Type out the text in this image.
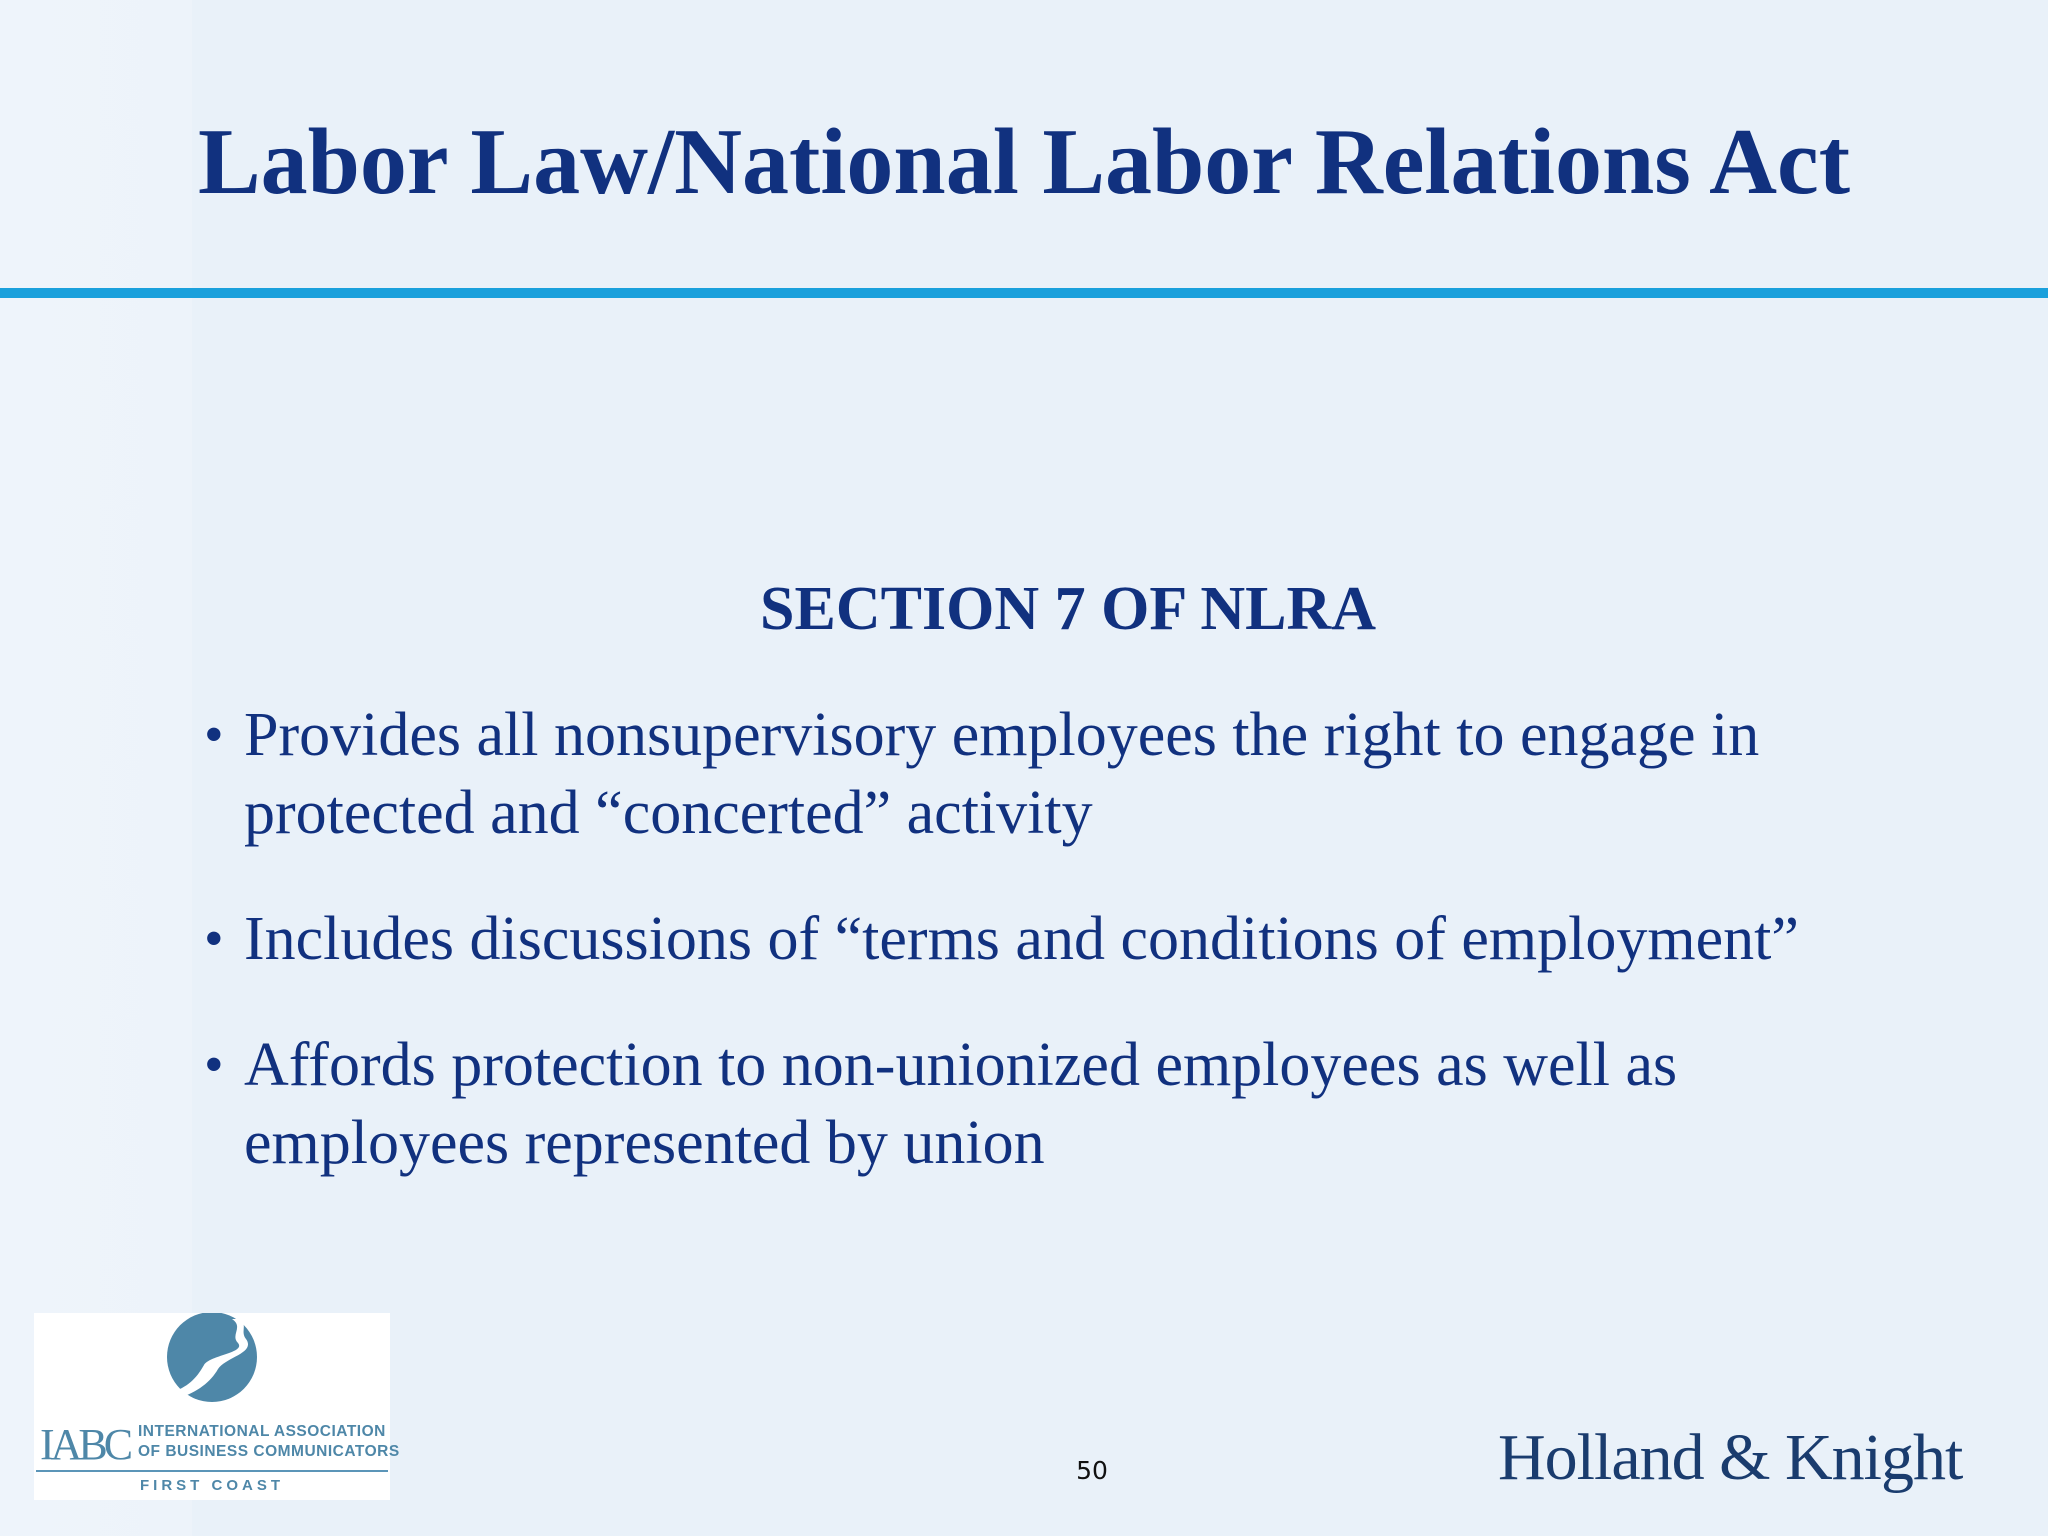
Labor Law/National Labor Relations Act
SECTION 7 OF NLRA
• Provides all nonsupervisory employees the right to engage in
protected and “concerted” activity
• Includes discussions of “terms and conditions of employment”
• Affords protection to non-unionized employees as well as
employees represented by union
IABC INTERNATIONAL ASSOCIATION
OF BUSINESS COMMUNICATORS
FIRST COAST
50	Holland & Knight
